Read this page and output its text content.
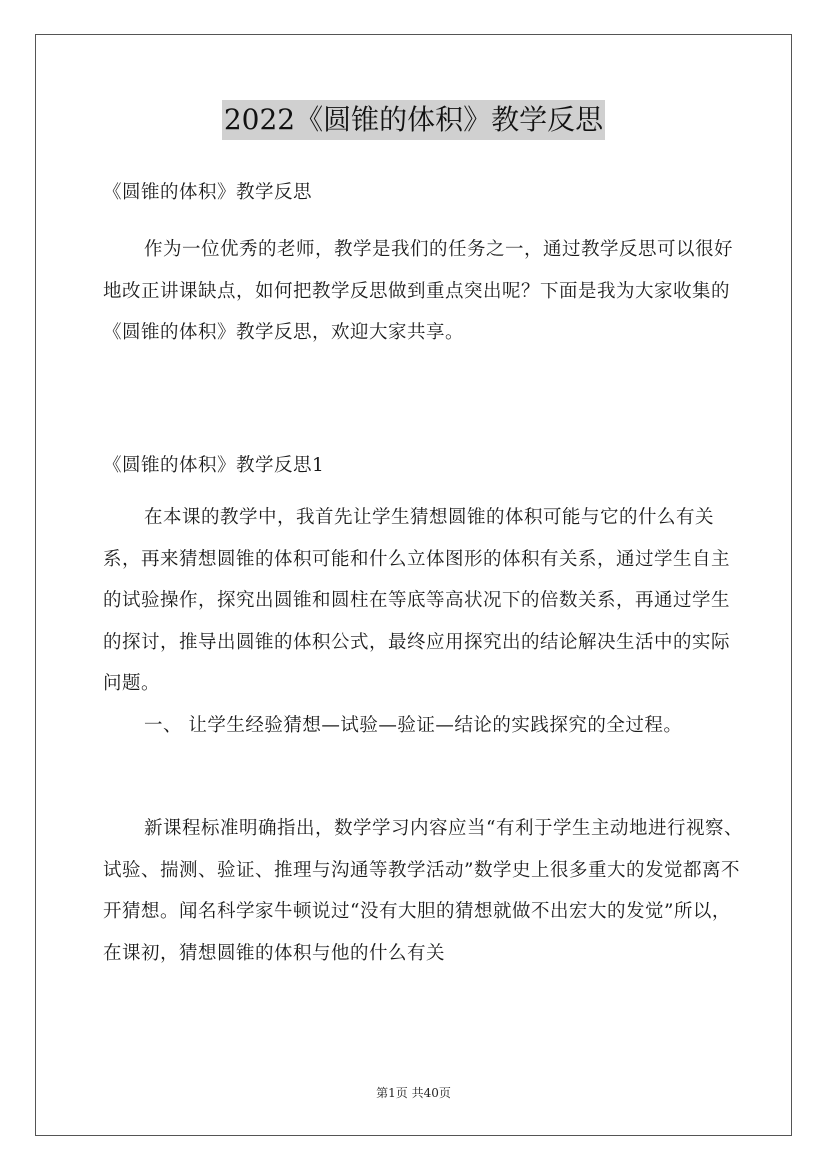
2022《圆锥的体积》教学反思

《圆锥的体积》教学反思

作为一位优秀的老师，教学是我们的任务之一，通过教学反思可以很好地改正讲课缺点，如何把教学反思做到重点突出呢？下面是我为大家收集的《圆锥的体积》教学反思，欢迎大家共享。

《圆锥的体积》教学反思1

在本课的教学中，我首先让学生猜想圆锥的体积可能与它的什么有关系，再来猜想圆锥的体积可能和什么立体图形的体积有关系，通过学生自主的试验操作，探究出圆锥和圆柱在等底等高状况下的倍数关系，再通过学生的探讨，推导出圆锥的体积公式，最终应用探究出的结论解决生活中的实际问题。

一、 让学生经验猜想—试验—验证—结论的实践探究的全过程。

新课程标准明确指出，数学学习内容应当“有利于学生主动地进行视察、试验、揣测、验证、推理与沟通等教学活动”数学史上很多重大的发觉都离不开猜想。闻名科学家牛顿说过“没有大胆的猜想就做不出宏大的发觉”所以，在课初，猜想圆锥的体积与他的什么有关

第1页 共40页
